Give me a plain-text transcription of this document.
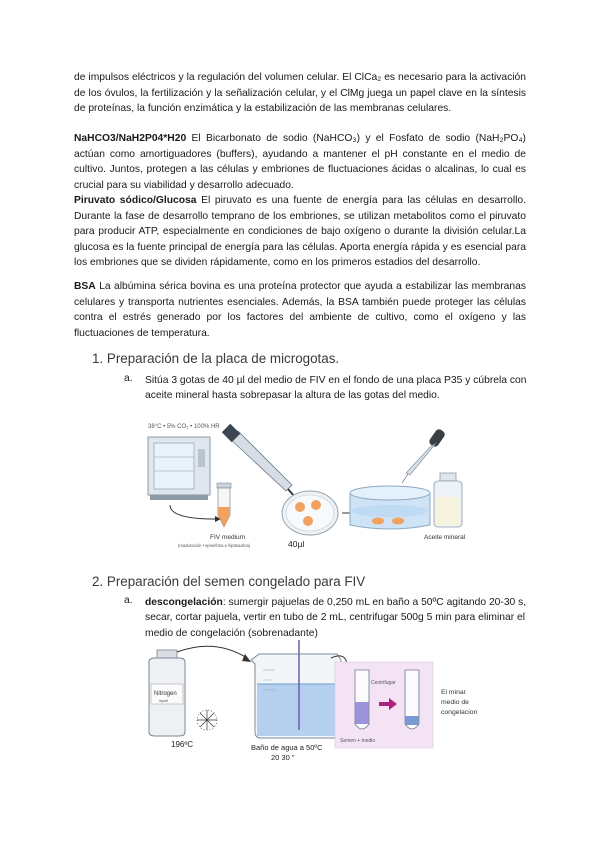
de impulsos eléctricos y la regulación del volumen celular. El ClCa₂ es necesario para la activación de los óvulos, la fertilización y la señalización celular, y el ClMg juega un papel clave en la síntesis de proteínas, la función enzimática y la estabilización de las membranas celulares.

NaHCO3/NaH2P04*H20 El Bicarbonato de sodio (NaHCO₃) y el Fosfato de sodio (NaH₂PO₄) actúan como amortiguadores (buffers), ayudando a mantener el pH constante en el medio de cultivo. Juntos, protegen a las células y embriones de fluctuaciones ácidas o alcalinas, lo cual es crucial para su viabilidad y desarrollo adecuado.

Piruvato sódico/Glucosa El piruvato es una fuente de energía para las células en desarrollo. Durante la fase de desarrollo temprano de los embriones, se utilizan metabolitos como el piruvato para producir ATP, especialmente en condiciones de bajo oxígeno o durante la división celular.La glucosa es la fuente principal de energía para las células. Aporta energía rápida y es esencial para los embriones que se dividen rápidamente, como en los primeros estadios del desarrollo.

BSA La albúmina sérica bovina es una proteína protector que ayuda a estabilizar las membranas celulares y transporta nutrientes esenciales. Además, la BSA también puede proteger las células contra el estrés generado por los factores del ambiente de cultivo, como el oxígeno y las fluctuaciones de temperatura.

1. Preparación de la placa de microgotas.
a. Sitúa 3 gotas de 40 µl del medio de FIV en el fondo de una placa P35 y cúbrela con aceite mineral hasta sobrepasar la altura de las gotas del medio.

38°C • 5% CO₂ • 100% HR
FIV medium
(maduración • epinefrina e hipotaurina)	40µl
Aceite mineral
2. Preparación del semen congelado para FIV
a. descongelación: sumergir pajuelas de 0,250 mL en baño a 50ºC agitando 20-30 s, secar, cortar pajuela, vertir en tubo de 2 mL, centrifugar 500g 5 min para eliminar el medio de congelación (sobrenadante)

Nitrogen
liquid
196ºC	Baño de agua a 50ºC
20 30 "
Centrifugar
Semen + medio
El minar
medio de
congelacion
